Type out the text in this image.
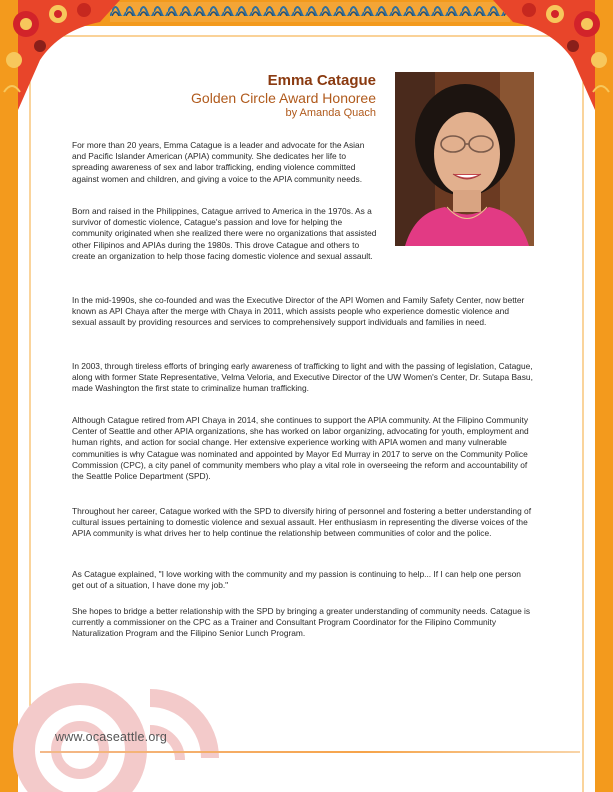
Emma Catague
Golden Circle Award Honoree
by Amanda Quach

For more than 20 years, Emma Catague is a leader and advocate for the Asian and Pacific Islander American (APIA) community. She dedicates her life to spreading awareness of sex and labor trafficking, ending violence committed against women and children, and giving a voice to the APIA community needs.

Born and raised in the Philippines, Catague arrived to America in the 1970s. As a survivor of domestic violence, Catague's passion and love for helping the community originated when she realized there were no organizations that assisted other Filipinos and APIAs during the 1980s. This drove Catague and others to create an organization to help those facing domestic violence and sexual assault.

In the mid-1990s, she co-founded and was the Executive Director of the API Women and Family Safety Center, now better known as API Chaya after the merge with Chaya in 2011, which assists people who experience domestic violence and sexual assault by providing resources and services to comprehensively support individuals and families in need.

In 2003, through tireless efforts of bringing early awareness of trafficking to light and with the passing of legislation, Catague, along with former State Representative, Velma Veloria, and Executive Director of the UW Women's Center, Dr. Sutapa Basu, made Washington the first state to criminalize human trafficking.

Although Catague retired from API Chaya in 2014, she continues to support the APIA community. At the Filipino Community Center of Seattle and other APIA organizations, she has worked on labor organizing, advocating for youth, employment and human rights, and action for social change. Her extensive experience working with APIA women and many vulnerable communities is why Catague was nominated and appointed by Mayor Ed Murray in 2017 to serve on the Community Police Commission (CPC), a city panel of community members who play a vital role in overseeing the reform and accountability of the Seattle Police Department (SPD).

Throughout her career, Catague worked with the SPD to diversify hiring of personnel and fostering a better understanding of cultural issues pertaining to domestic violence and sexual assault. Her enthusiasm in representing the diverse voices of the APIA community is what drives her to help continue the relationship between communities of color and the police.

As Catague explained, "I love working with the community and my passion is continuing to help... If I can help one person get out of a situation, I have done my job."

She hopes to bridge a better relationship with the SPD by bringing a greater understanding of community needs. Catague is currently a commissioner on the CPC as a Trainer and Consultant Program Coordinator for the Filipino Community Naturalization Program and the Filipino Senior Lunch Program.

www.ocaseattle.org
